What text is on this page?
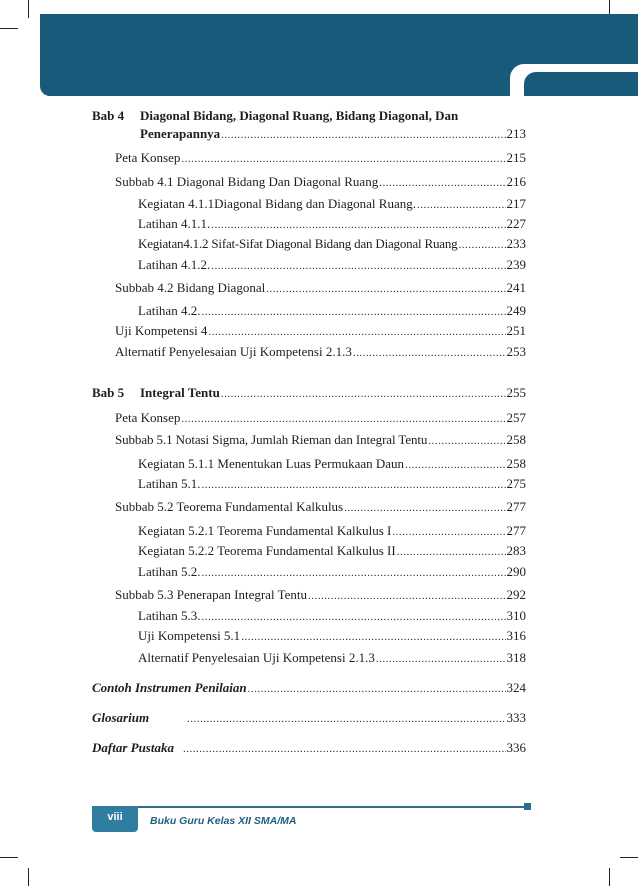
Bab 4 Diagonal Bidang, Diagonal Ruang, Bidang Diagonal, Dan
Penerapannya .....	213
Peta Konsep .....	215
Subbab 4.1 Diagonal Bidang Dan Diagonal Ruang .....	216
Kegiatan 4.1.1Diagonal Bidang dan Diagonal Ruang. .....	217
Latihan 4.1.1. .....	227
Kegiatan4.1.2 Sifat-Sifat Diagonal Bidang dan Diagonal Ruang .....	233
Latihan 4.1.2. .....	239
Subbab 4.2 Bidang Diagonal .....	241
Latihan 4.2. .....	249
Uji Kompetensi 4 .....	251
Alternatif Penyelesaian Uji Kompetensi 2.1.3 .....	253
Bab 5 Integral Tentu .....	255
Peta Konsep .....	257
Subbab 5.1 Notasi Sigma, Jumlah Rieman dan Integral Tentu .....	258
Kegiatan 5.1.1 Menentukan Luas Permukaan Daun .....	258
Latihan 5.1. .....	275
Subbab 5.2 Teorema Fundamental Kalkulus .....	277
Kegiatan 5.2.1 Teorema Fundamental Kalkulus I .....	277
Kegiatan 5.2.2 Teorema Fundamental Kalkulus II .....	283
Latihan 5.2. .....	290
Subbab 5.3 Penerapan Integral Tentu .....	292
Latihan 5.3. .....	310
Uji Kompetensi 5.1 .....	316
Alternatif Penyelesaian Uji Kompetensi 2.1.3 .....	318
Contoh Instrumen Penilaian .....	324
Glosarium .....	333
Daftar Pustaka .....	336
viii	Buku Guru Kelas XII SMA/MA
